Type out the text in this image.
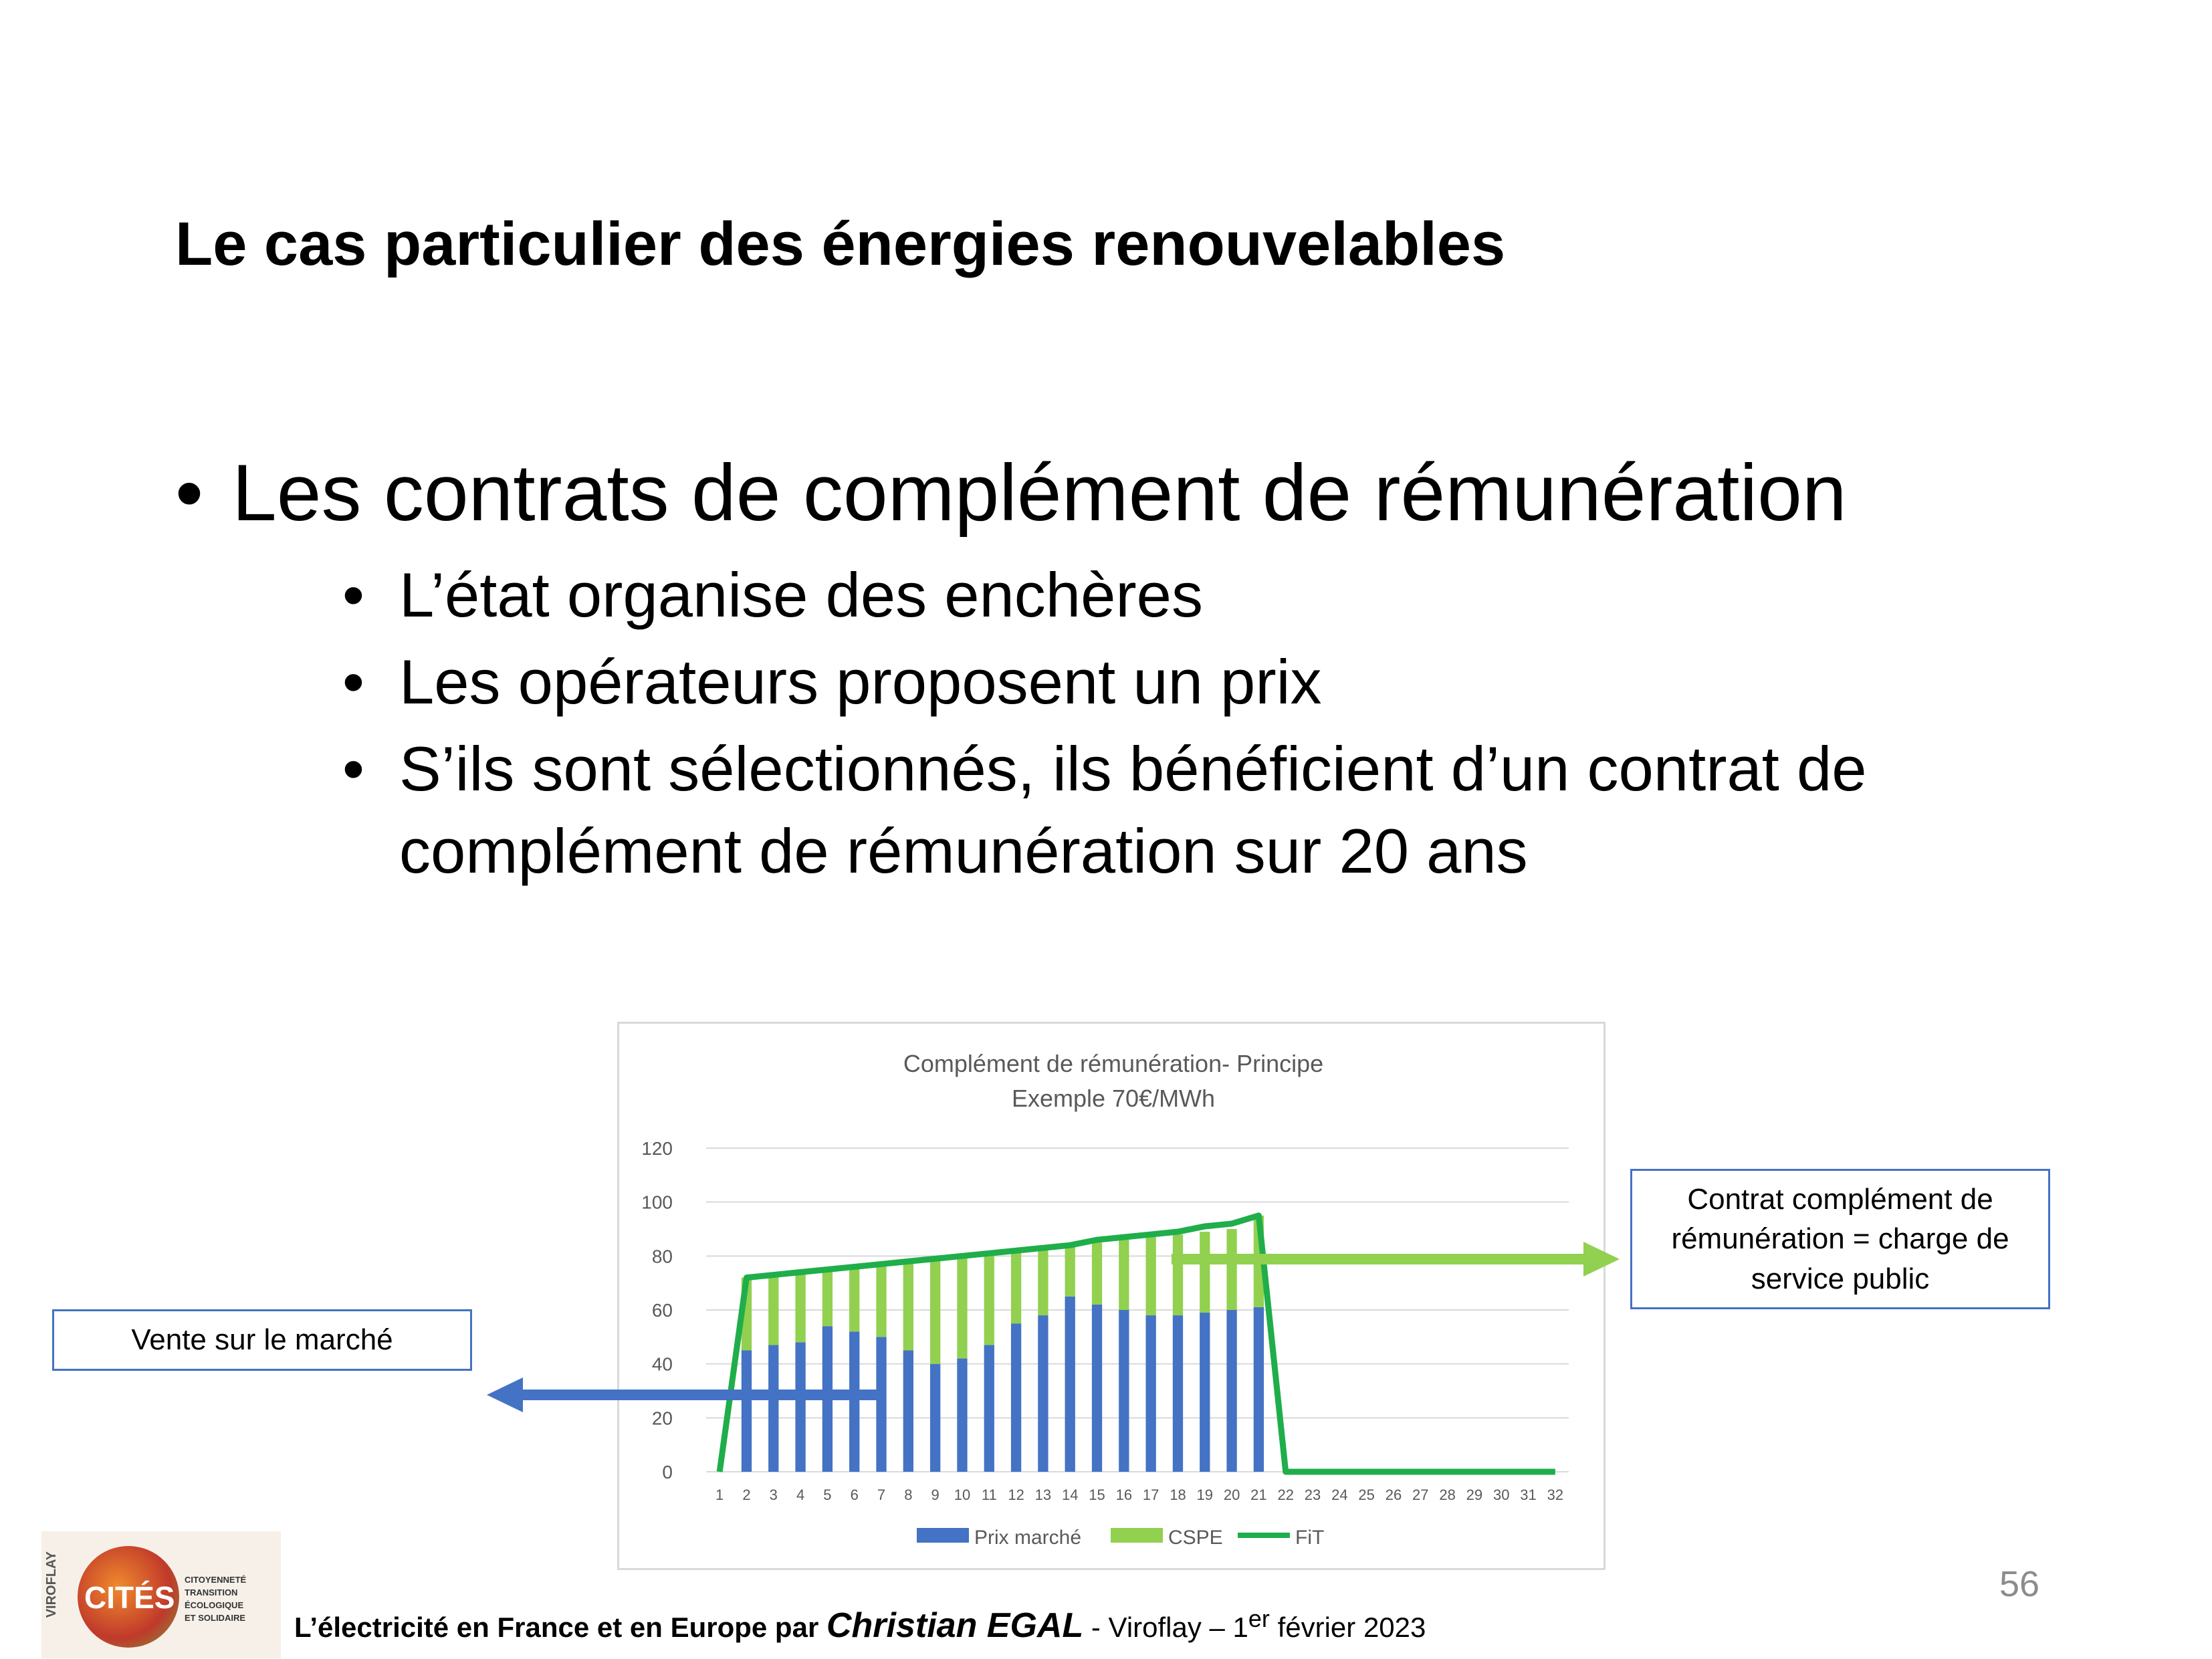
Le cas particulier des énergies renouvelables
• Les contrats de complément de rémunération
• L’état organise des enchères
• Les opérateurs proposent un prix
• S’ils sont sélectionnés, ils bénéficient d’un contrat de complément de rémunération sur 20 ans
Complément de rémunération- Principe
Exemple 70€/MWh
0
20
40
60
80
100
120
1 2 3 4 5 6 7 8 9 10 11 12 13 14 15 16 17 18 19 20 21 22 23 24 25 26 27 28 29 30 31 32
Prix marché	CSPE	FiT
Vente sur le marché
Contrat complément de rémunération = charge de service public
56
VIROFLAY CITÉS
CITOYENNETÉ
TRANSITION ÉCOLOGIQUE
ET SOLIDAIRE	L’électricité en France et en Europe par Christian EGAL - Viroflay – 1er février 2023
